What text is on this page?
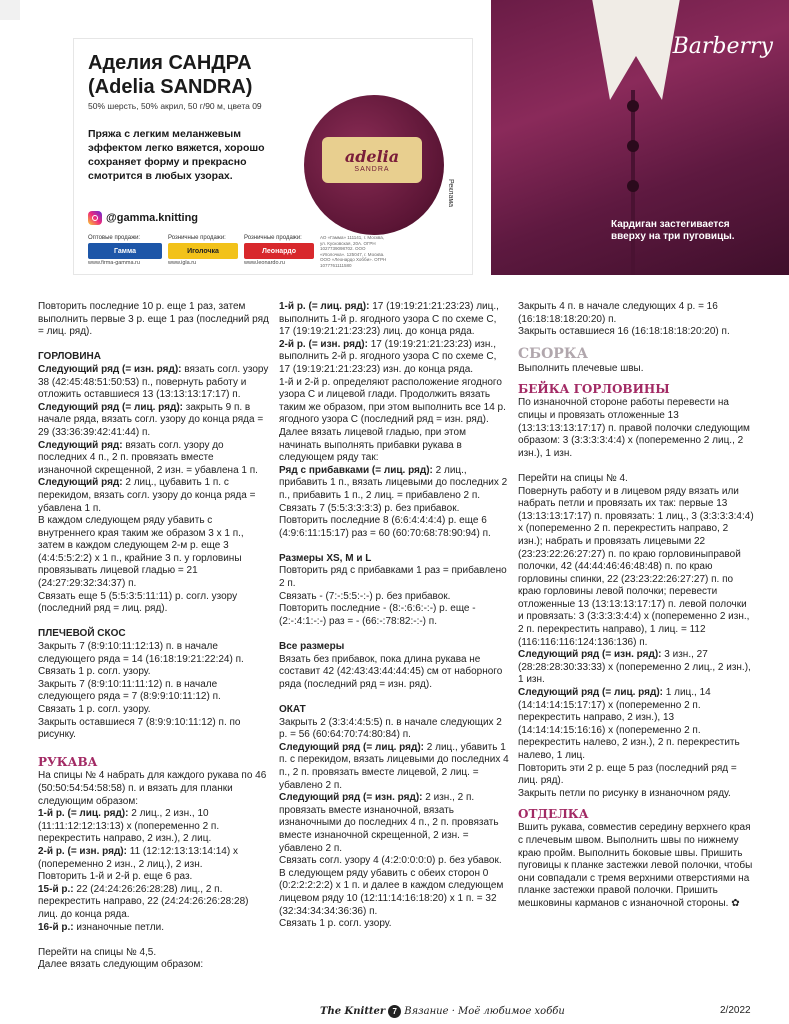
Аделия САНДРА
(Adelia SANDRA)
50% шерсть, 50% акрил, 50 г/90 м, цвета 09
Пряжа с легким меланжевым эффектом легко вяжется, хорошо сохраняет форму и прекрасно смотрится в любых узорах.
@gamma.knitting
adelia
SANDRA
Реклама
Оптовые продажи:
Гамма
www.firma-gamma.ru
Розничные продажи:
Иголочка
www.igla.ru
Розничные продажи:
Леонардо
www.leonardo.ru
АО «Гамма» 111141, г. Москва, ул. Кусковская, 20А. ОГРН 1027739098702. ООО «Иголочка». 125047, г. Москва. ООО «Леонардо Хобби». ОГРН 1077761111580
Barberry
Кардиган застегивается
вверху на три пуговицы.

Повторить последние 10 р. еще 1 раз, затем выполнить первые 3 р. еще 1 раз (последний ряд = лиц. ряд).

ГОРЛОВИНА

Следующий ряд (= изн. ряд): вязать согл. узору 38 (42:45:48:51:50:53) п., повернуть работу и отложить оставшиеся 13 (13:13:13:17:17) п.

Следующий ряд (= лиц. ряд): закрыть 9 п. в начале ряда, вязать согл. узору до конца ряда = 29 (33:36:39:42:41:44) п.

Следующий ряд: вязать согл. узору до последних 4 п., 2 п. провязать вместе изнаночной скрещенной, 2 изн. = убавлена 1 п.

Следующий ряд: 2 лиц., цубавить 1 п. с перекидом, вязать согл. узору до конца ряда = убавлена 1 п.

В каждом следующем ряду убавить с внутреннего края таким же образом 3 х 1 п., затем в каждом следующем 2-м р. еще 3 (4:4:5:5:2:2) х 1 п., крайние 3 п. у горловины провязывать лицевой гладью = 21 (24:27:29:32:34:37) п.

Связать еще 5 (5:5:3:5:11:11) р. согл. узору (последний ряд = лиц. ряд).

ПЛЕЧЕВОЙ СКОС

Закрыть 7 (8:9:10:11:12:13) п. в начале следующего ряда = 14 (16:18:19:21:22:24) п.

Связать 1 р. согл. узору.

Закрыть 7 (8:9:10:11:11:12) п. в начале следующего ряда = 7 (8:9:9:10:11:12) п.

Связать 1 р. согл. узору.

Закрыть оставшиеся 7 (8:9:9:10:11:12) п. по рисунку.

РУКАВА

На спицы № 4 набрать для каждого рукава по 46 (50:50:54:54:58:58) п. и вязать для планки следующим образом:

1-й р. (= лиц. ряд): 2 лиц., 2 изн., 10 (11:11:12:12:13:13) х (попеременно 2 п. перекрестить направо, 2 изн.), 2 лиц.

2-й р. (= изн. ряд): 11 (12:12:13:13:14:14) х (попеременно 2 изн., 2 лиц.), 2 изн.

Повторить 1-й и 2-й р. еще 6 раз.

15-й р.: 22 (24:24:26:26:28:28) лиц., 2 п. перекрестить направо, 22 (24:24:26:26:28:28) лиц. до конца ряда.

16-й р.: изнаночные петли.

Перейти на спицы № 4,5.

Далее вязать следующим образом:

1-й р. (= лиц. ряд): 17 (19:19:21:21:23:23) лиц., выполнить 1-й р. ягодного узора С по схеме С, 17 (19:19:21:21:23:23) лиц. до конца ряда.

2-й р. (= изн. ряд): 17 (19:19:21:21:23:23) изн., выполнить 2-й р. ягодного узора С по схеме С, 17 (19:19:21:21:23:23) изн. до конца ряда.

1-й и 2-й р. определяют расположение ягодного узора С и лицевой глади. Продолжить вязать таким же образом, при этом выполнить все 14 р. ягодного узора С (последний ряд = изн. ряд).

Далее вязать лицевой гладью, при этом начинать выполнять прибавки рукава в следующем ряду так:

Ряд с прибавками (= лиц. ряд): 2 лиц., прибавить 1 п., вязать лицевыми до последних 2 п., прибавить 1 п., 2 лиц. = прибавлено 2 п.

Связать 7 (5:5:3:3:3:3) р. без прибавок.

Повторить последние 8 (6:6:4:4:4:4) р. еще 6 (4:9:6:11:15:17) раз = 60 (60:70:68:78:90:94) п.

Размеры XS, M и L

Повторить ряд с прибавками 1 раз = прибавлено 2 п.

Связать - (7:-:5:5:-:-) р. без прибавок.

Повторить последние - (8:-:6:6:-:-) р. еще - (2:-:4:1:-:-) раз = - (66:-:78:82:-:-) п.

Все размеры

Вязать без прибавок, пока длина рукава не составит 42 (42:43:43:44:44:45) см от наборного ряда (последний ряд = изн. ряд).

ОКАТ

Закрыть 2 (3:3:4:4:5:5) п. в начале следующих 2 р. = 56 (60:64:70:74:80:84) п.

Следующий ряд (= лиц. ряд): 2 лиц., убавить 1 п. с перекидом, вязать лицевыми до последних 4 п., 2 п. провязать вместе лицевой, 2 лиц. = убавлено 2 п.

Следующий ряд (= изн. ряд): 2 изн., 2 п. провязать вместе изнаночной, вязать изнаночными до последних 4 п., 2 п. провязать вместе изнаночной скрещенной, 2 изн. = убавлено 2 п.

Связать согл. узору 4 (4:2:0:0:0:0) р. без убавок.

В следующем ряду убавить с обеих сторон 0 (0:2:2:2:2:2) х 1 п. и далее в каждом следующем лицевом ряду 10 (12:11:14:16:18:20) х 1 п. = 32 (32:34:34:34:36:36) п.

Связать 1 р. согл. узору.

Закрыть 4 п. в начале следующих 4 р. = 16 (16:18:18:18:20:20) п.

Закрыть оставшиеся 16 (16:18:18:18:20:20) п.

СБОРКА

Выполнить плечевые швы.

БЕЙКА ГОРЛОВИНЫ

По изнаночной стороне работы перевести на спицы и провязать отложенные 13 (13:13:13:13:17:17) п. правой полочки следующим образом: 3 (3:3:3:3:4:4) х (попеременно 2 лиц., 2 изн.), 1 изн.

Перейти на спицы № 4.

Повернуть работу и в лицевом ряду вязать или набрать петли и провязать их так: первые 13 (13:13:13:17:17) п. провязать: 1 лиц., 3 (3:3:3:3:4:4) х (попеременно 2 п. перекрестить направо, 2 изн.); набрать и провязать лицевыми 22 (23:23:22:26:27:27) п. по краю горловиныправой полочки, 42 (44:44:46:46:48:48) п. по краю горловины спинки, 22 (23:23:22:26:27:27) п. по краю горловины левой полочки; перевести отложенные 13 (13:13:13:17:17) п. левой полочки и провязать: 3 (3:3:3:3:4:4) х (попеременно 2 изн., 2 п. перекрестить направо), 1 лиц. = 112 (116:116:116:124:136:136) п.

Следующий ряд (= изн. ряд): 3 изн., 27 (28:28:28:30:33:33) х (попеременно 2 лиц., 2 изн.), 1 изн.

Следующий ряд (= лиц. ряд): 1 лиц., 14 (14:14:14:15:17:17) х (попеременно 2 п. перекрестить направо, 2 изн.), 13 (14:14:14:15:16:16) х (попеременно 2 п. перекрестить налево, 2 изн.), 2 п. перекрестить налево, 1 лиц.

Повторить эти 2 р. еще 5 раз (последний ряд = лиц. ряд).

Закрыть петли по рисунку в изнаночном ряду.

ОТДЕЛКА

Вшить рукава, совместив середину верхнего края с плечевым швом. Выполнить швы по нижнему краю пройм. Выполнить боковые швы. Пришить пуговицы к планке застежки левой полочки, чтобы они совпадали с тремя верхними отверстиями на планке застежки правой полочки. Пришить мешковины карманов с изнаночной стороны. ✿

The Knitter 7 Вязание · Моё любимое хобби	2/2022
